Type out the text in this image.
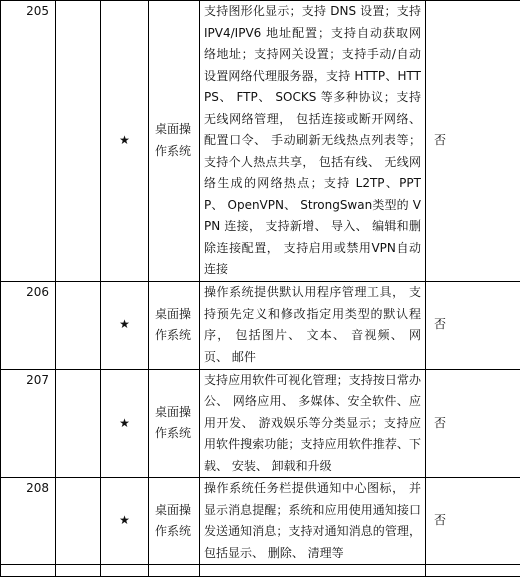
205		★	桌面操作系统	支持图形化显示；支持 DNS 设置；支持 IPV4/IPV6 地址配置；支持自动获取网络地址；支持网关设置；支持手动/自动设置网络代理服务器，支持 HTTP、HTTPS、 FTP、 SOCKS 等多种协议；支持无线网络管理， 包括连接或断开网络、 配置口令、 手动刷新无线热点列表等；支持个人热点共享， 包括有线、 无线网络生成的网络热点；支持 L2TP、PPTP、 OpenVPN、 StrongSwan类型的 VPN 连接， 支持新增、 导入、 编辑和删除连接配置， 支持启用或禁用VPN自动连接	否
206		★	桌面操作系统	操作系统提供默认用程序管理工具， 支持预先定义和修改指定用类型的默认程序， 包括图片、 文本、 音视频、 网页、 邮件	否
207		★	桌面操作系统	支持应用软件可视化管理；支持按日常办公、 网络应用、 多媒体、安全软件、应用开发、 游戏娱乐等分类显示；支持应用软件搜索功能；支持应用软件推荐、下载、 安装、 卸载和升级	否
208		★	桌面操作系统	操作系统任务栏提供通知中心图标， 并显示消息提醒；系统和应用使用通知接口发送通知消息；支持对通知消息的管理，包括显示、 删除、 清理等	否
